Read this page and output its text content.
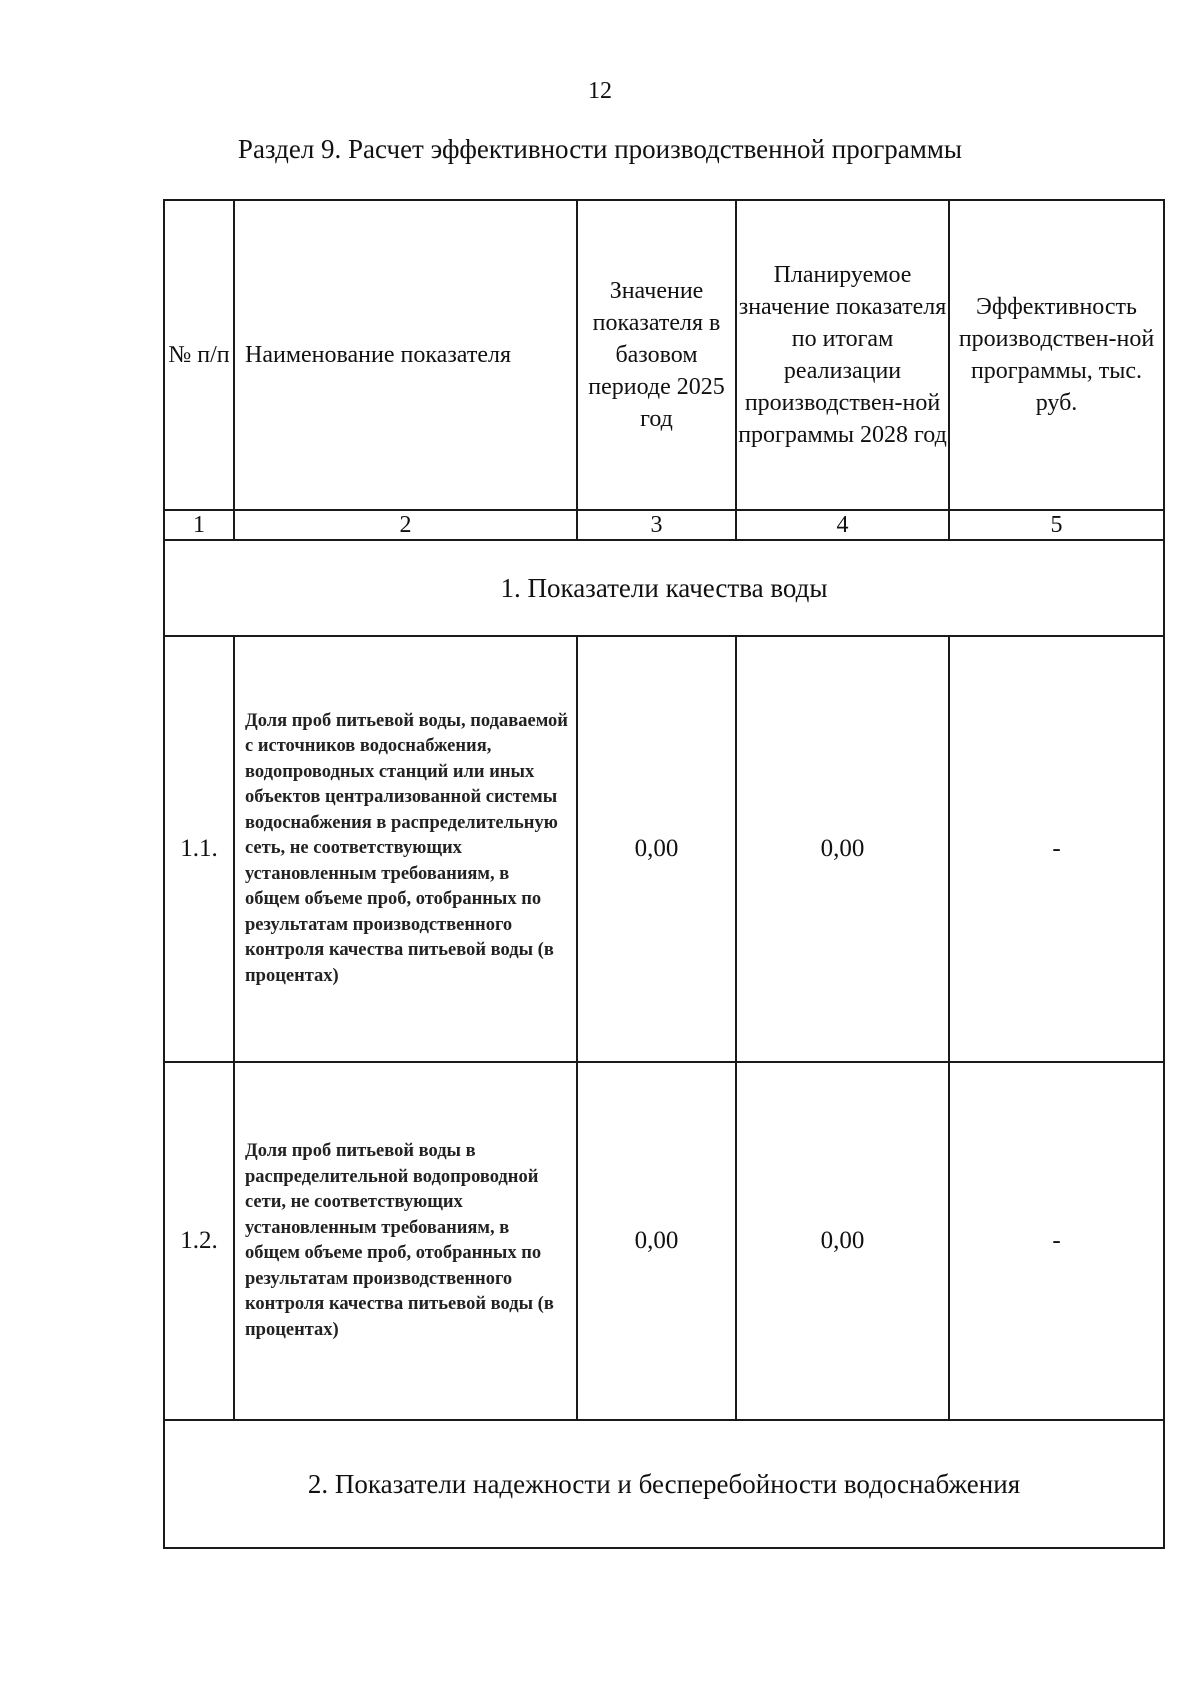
12
Раздел 9. Расчет эффективности производственной программы
№ п/п	Наименование показателя	Значение показателя в базовом периоде 2025 год	Планируемое значение показателя по итогам реализации производствен-ной программы 2028 год	Эффективность производствен-ной программы, тыс. руб.
1	2	3	4	5
1. Показатели качества воды				
1.1.	Доля проб питьевой воды, подаваемой с источников водоснабжения, водопроводных станций или иных объектов централизованной системы водоснабжения в распределительную сеть, не соответствующих установленным требованиям, в общем объеме проб, отобранных по результатам производственного контроля качества питьевой воды (в процентах)	0,00	0,00	-
1.2.	Доля проб питьевой воды в распределительной водопроводной сети, не соответствующих установленным требованиям, в общем объеме проб, отобранных по результатам производственного контроля качества питьевой воды (в процентах)	0,00	0,00	-
2. Показатели надежности и бесперебойности водоснабжения				
